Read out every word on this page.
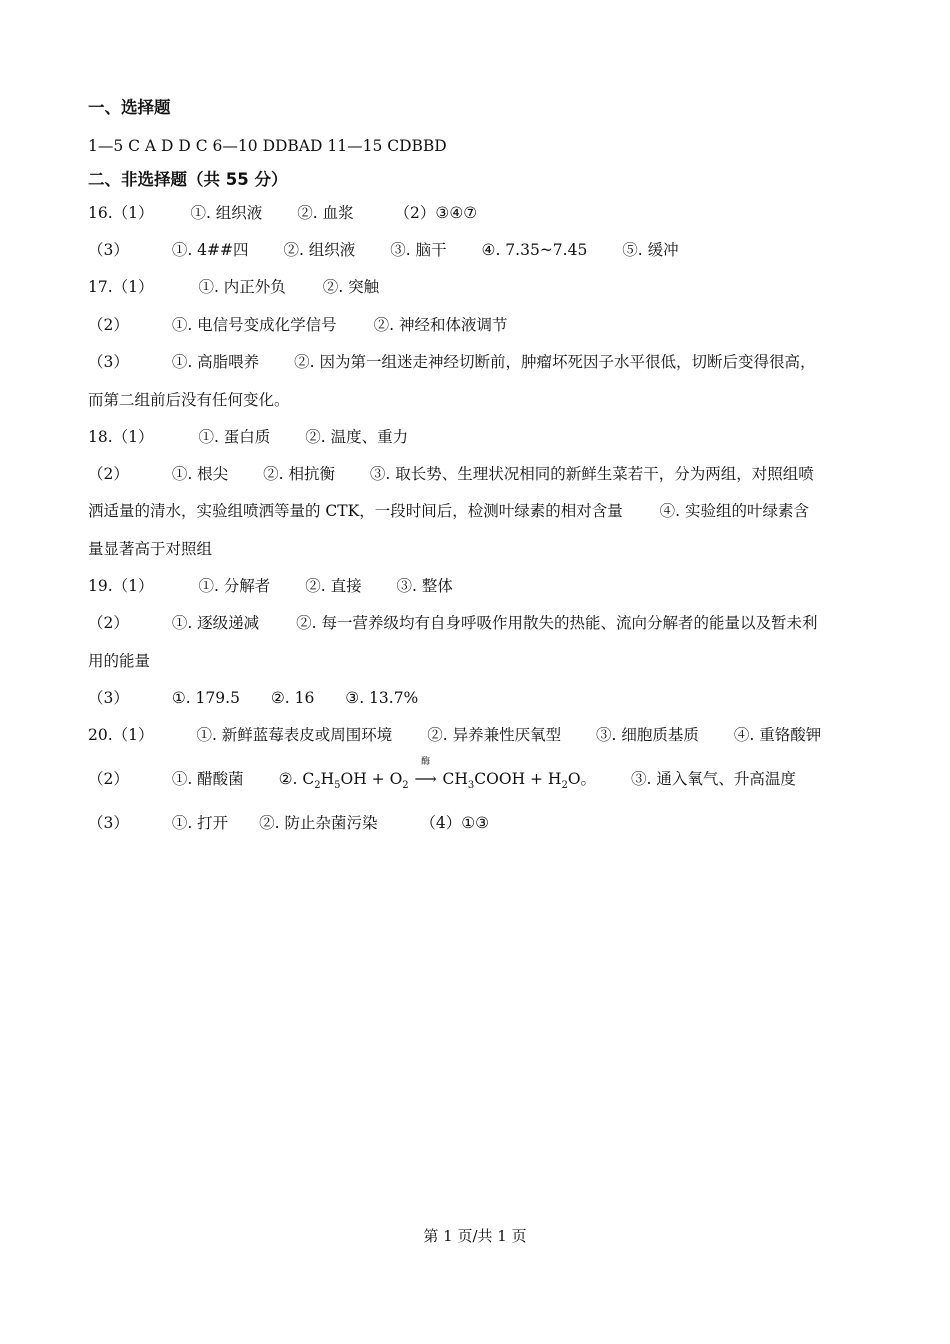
一、选择题
1—5 C A D D C 6—10 DDBAD 11—15 CDBBD
二、非选择题（共 55 分）
16.（1） ①. 组织液 ②. 血浆	（2）③④⑦
（3）	①. 4##四 ②. 组织液 ③. 脑干 ④. 7.35~7.45 ⑤. 缓冲
17.（1）	①. 内正外负 ②. 突触
（2）	①. 电信号变成化学信号 ②. 神经和体液调节
（3）	①. 高脂喂养 ②. 因为第一组迷走神经切断前，肿瘤坏死因子水平很低，切断后变得很高，
而第二组前后没有任何变化。
18.（1）	①. 蛋白质 ②. 温度、重力
（2）	①. 根尖 ②. 相抗衡 ③. 取长势、生理状况相同的新鲜生菜若干，分为两组，对照组喷
洒适量的清水，实验组喷洒等量的 CTK，一段时间后，检测叶绿素的相对含量 ④. 实验组的叶绿素含
量显著高于对照组
19.（1）	①. 分解者 ②. 直接 ③. 整体
（2）	①. 逐级递减 ②. 每一营养级均有自身呼吸作用散失的热能、流向分解者的能量以及暂未利
用的能量
（3）	①. 179.5 ②. 16 ③. 13.7%
20.（1）	①. 新鲜蓝莓表皮或周围环境 ②. 异养兼性厌氧型 ③. 细胞质基质 ④. 重铬酸钾
（2）	①. 醋酸菌 ②. $C_2H_5OH + O_2$
酶
⟶ $CH_3COOH + H_2O$。 ③. 通入氧气、升高温度
（3）	①. 打开 ②. 防止杂菌污染	（4）①③
第 1 页/共 1 页
